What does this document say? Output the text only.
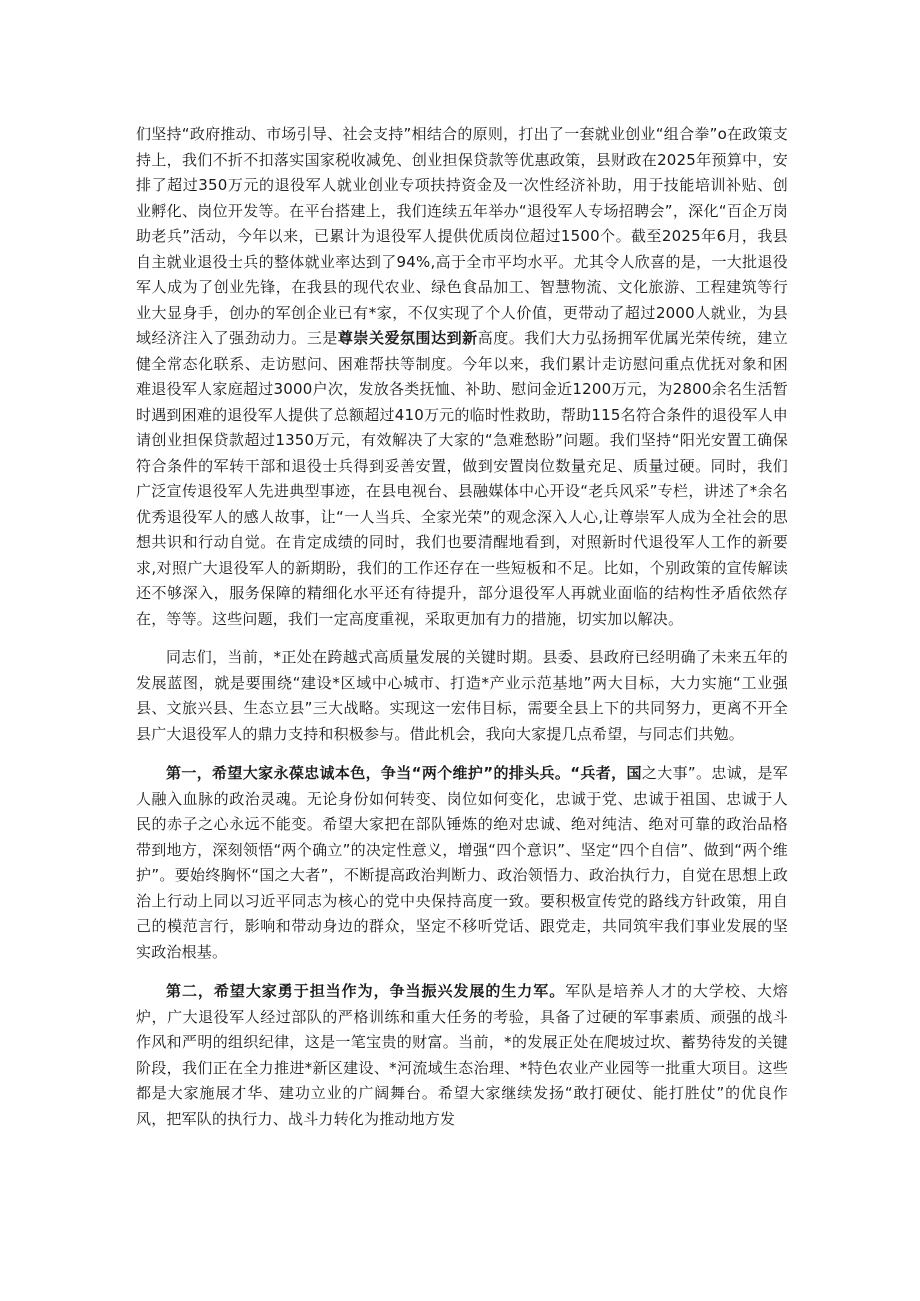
们坚持“政府推动、市场引导、社会支持”相结合的原则，打出了一套就业创业“组合拳”o在政策支持上，我们不折不扣落实国家税收减免、创业担保贷款等优惠政策，县财政在2025年预算中，安排了超过350万元的退役军人就业创业专项扶持资金及一次性经济补助，用于技能培训补贴、创业孵化、岗位开发等。在平台搭建上，我们连续五年举办“退役军人专场招聘会”，深化“百企万岗助老兵”活动，今年以来，已累计为退役军人提供优质岗位超过1500个。截至2025年6月，我县自主就业退役士兵的整体就业率达到了94%,高于全市平均水平。尤其令人欣喜的是，一大批退役军人成为了创业先锋，在我县的现代农业、绿色食品加工、智慧物流、文化旅游、工程建筑等行业大显身手，创办的军创企业已有*家，不仅实现了个人价值，更带动了超过2000人就业，为县域经济注入了强劲动力。三是尊崇关爱氛围达到新高度。我们大力弘扬拥军优属光荣传统，建立健全常态化联系、走访慰问、困难帮扶等制度。今年以来，我们累计走访慰问重点优抚对象和困难退役军人家庭超过3000户次，发放各类抚恤、补助、慰问金近1200万元，为2800余名生活暂时遇到困难的退役军人提供了总额超过410万元的临时性救助，帮助115名符合条件的退役军人申请创业担保贷款超过1350万元，有效解决了大家的“急难愁盼”问题。我们坚持“阳光安置工确保符合条件的军转干部和退役士兵得到妥善安置，做到安置岗位数量充足、质量过硬。同时，我们广泛宣传退役军人先进典型事迹，在县电视台、县融媒体中心开设“老兵风采”专栏，讲述了*余名优秀退役军人的感人故事，让“一人当兵、全家光荣”的观念深入人心,让尊崇军人成为全社会的思想共识和行动自觉。在肯定成绩的同时，我们也要清醒地看到，对照新时代退役军人工作的新要求,对照广大退役军人的新期盼，我们的工作还存在一些短板和不足。比如，个别政策的宣传解读还不够深入，服务保障的精细化水平还有待提升，部分退役军人再就业面临的结构性矛盾依然存在，等等。这些问题，我们一定高度重视，采取更加有力的措施，切实加以解决。

同志们，当前，*正处在跨越式高质量发展的关键时期。县委、县政府已经明确了未来五年的发展蓝图，就是要围绕“建设*区域中心城市、打造*产业示范基地”两大目标，大力实施“工业强县、文旅兴县、生态立县”三大战略。实现这一宏伟目标，需要全县上下的共同努力，更离不开全县广大退役军人的鼎力支持和积极参与。借此机会，我向大家提几点希望，与同志们共勉。

第一，希望大家永葆忠诚本色，争当“两个维护”的排头兵。“兵者，国之大事”。忠诚，是军人融入血脉的政治灵魂。无论身份如何转变、岗位如何变化，忠诚于党、忠诚于祖国、忠诚于人民的赤子之心永远不能变。希望大家把在部队锤炼的绝对忠诚、绝对纯洁、绝对可靠的政治品格带到地方，深刻领悟“两个确立”的决定性意义，增强“四个意识”、坚定“四个自信”、做到“两个维护”。要始终胸怀“国之大者”，不断提高政治判断力、政治领悟力、政治执行力，自觉在思想上政治上行动上同以习近平同志为核心的党中央保持高度一致。要积极宣传党的路线方针政策，用自己的模范言行，影响和带动身边的群众，坚定不移听党话、跟党走，共同筑牢我们事业发展的坚实政治根基。

第二，希望大家勇于担当作为，争当振兴发展的生力军。军队是培养人才的大学校、大熔炉，广大退役军人经过部队的严格训练和重大任务的考验，具备了过硬的军事素质、顽强的战斗作风和严明的组织纪律，这是一笔宝贵的财富。当前，*的发展正处在爬坡过坎、蓄势待发的关键阶段，我们正在全力推进*新区建设、*河流域生态治理、*特色农业产业园等一批重大项目。这些都是大家施展才华、建功立业的广阔舞台。希望大家继续发扬“敢打硬仗、能打胜仗”的优良作风，把军队的执行力、战斗力转化为推动地方发
